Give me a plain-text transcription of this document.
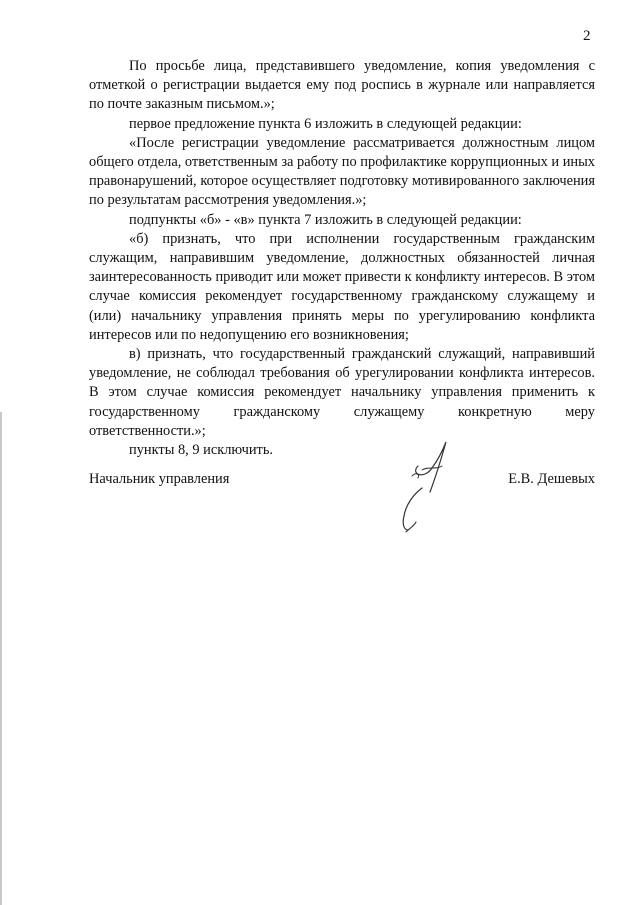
2

По просьбе лица, представившего уведомление, копия уведомления с отметкой о регистрации выдается ему под роспись в журнале или направляется по почте заказным письмом.»;

первое предложение пункта 6 изложить в следующей редакции:

«После регистрации уведомление рассматривается должностным лицом общего отдела, ответственным за работу по профилактике коррупционных и иных правонарушений, которое осуществляет подготовку мотивированного заключения по результатам рассмотрения уведомления.»;

подпункты «б» - «в» пункта 7 изложить в следующей редакции:

«б) признать, что при исполнении государственным гражданским служащим, направившим уведомление, должностных обязанностей личная заинтересованность приводит или может привести к конфликту интересов. В этом случае комиссия рекомендует государственному гражданскому служащему и (или) начальнику управления принять меры по урегулированию конфликта интересов или по недопущению его возникновения;

в) признать, что государственный гражданский служащий, направивший уведомление, не соблюдал требования об урегулировании конфликта интересов. В этом случае комиссия рекомендует начальнику управления применить к государственному гражданскому служащему конкретную меру ответственности.»;

пункты 8, 9 исключить.

Начальник управления	Е.В. Дешевых
